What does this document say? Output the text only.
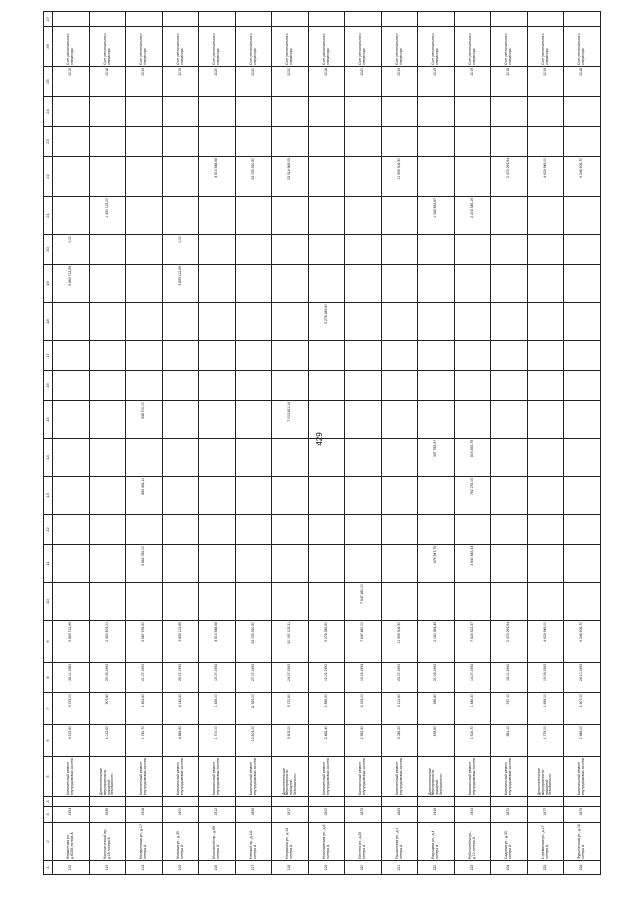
429
1	2	3	4	5	6	7	8	9	10	11	12	13	14	15	16	17	18	19	20	21	22	23	24	25	26	27
212	Лермонтова ул., д.63/25 литера А	1954		Капитальный ремонт внутридомовых систем	4 215,60	3 723,00	28.11.1983	5 863 712,99										5 863 712,99	0,00					2019	Счет регионального оператора	
213	Малоохтинский пр., д.25 литера Б	1936		Дополнительные мероприятия по пожарной безопасности	1 012,60	907,80	25.05.1993	2 430 803,01												1 430 115,00				2018	Счет регионального оператора	
214	Мичуринская ул., д.17 литера А	1908		Капитальный ремонт внутридомовых систем	1 742,70	1 453,80	21.07.1993	5 687 978,60		3 862 785,00		883 492,11		948 700,00										2019	Счет регионального оператора	
215	Моховая ул., д.39 литера А	1900		Капитальный ремонт внутридомовых систем	4 885,90	4 142,60	26.07.1993	5 855 112,89										5 855 112,89	0,00					2019	Счет регионального оператора	
216	Московский пр., д.89 литера А	1912		Капитальный ремонт внутридомовых систем	1 700,00	1 435,00	15.07.1993	4 513 588,98													4 513 588,98			2020	Счет регионального оператора	
217	Невский пр., д.111 литера А	1899		Капитальный ремонт внутридомовых систем	13 803,00	11 925,00	27.07.1993	33 035 390,90													33 035 390,90			2020	Счет регионального оператора	
218	Некрасова ул., д.14 литера А	1917		Дополнительные мероприятия по пожарной безопасности	5 803,00	5 170,60	24.07.1993	30 197 105,31						7 003 821,14							23 314 969,05			2020	Счет регионального оператора	
219	Николаевская ул., д.8 литера А	1902		Капитальный ремонт внутридомовых систем	2 482,40	1 856,60	02.02.1992	5 278 385,60									5 278 385,60							2018	Счет регионального оператора	
220	Пестеля ул., д.25 литера А	1872		Капитальный ремонт внутридомовых систем	2 952,90	2 153,00	15.03.1994	7 647 480,00	7 647 480,00															2020	Счет регионального оператора	
221	Пушкинская ул., д.1 литера А	1829		Капитальный ремонт внутридомовых систем	3 086,20	2 112,60	23.07.1993	11 559 306,90													11 559 306,90			2019	Счет регионального оператора	
222	Радищева ул., д.4 литера А	1916		Дополнительные мероприятия по пожарной безопасности	478,60	399,80	21.09.1993	2 160 584,43		676 947,79			397 783,97							1 085 852,67				2019	Счет регионального оператора	
223	Рубинштейна ул., д.10 литера А	1903		Капитальный ремonт внутридомовых систем	1 516,70	1 446,30	14.07.1993	7 624 522,37		3 840 445,34		762 276,05	805 453,79							2 216 346,19				2019	Счет регионального оператора	
224	Садовая ул., д.33 литера А	1872		Капитальный ремонт внутридомовых систем	881,10	570,10	08.11.1992	2 373 293,94													2 373 293,94			2018	Счет регионального оператора	
225	Стремянная ул., д.17 литера А	1877		Дополнительные мероприятия по пожарной безопасности	1 779,00	1 699,00	19.09.1993	4 629 949,00													4 629 949,00			2019	Счет регионального оператора	
226	Фурштатская ул., д.16 литера А	1873		Капитальный ремонт внутридомовых систем	1 986,00	1 807,00	26.10.1993	9 248 906,70													9 248 906,70			2018	Счет регионального оператора	
